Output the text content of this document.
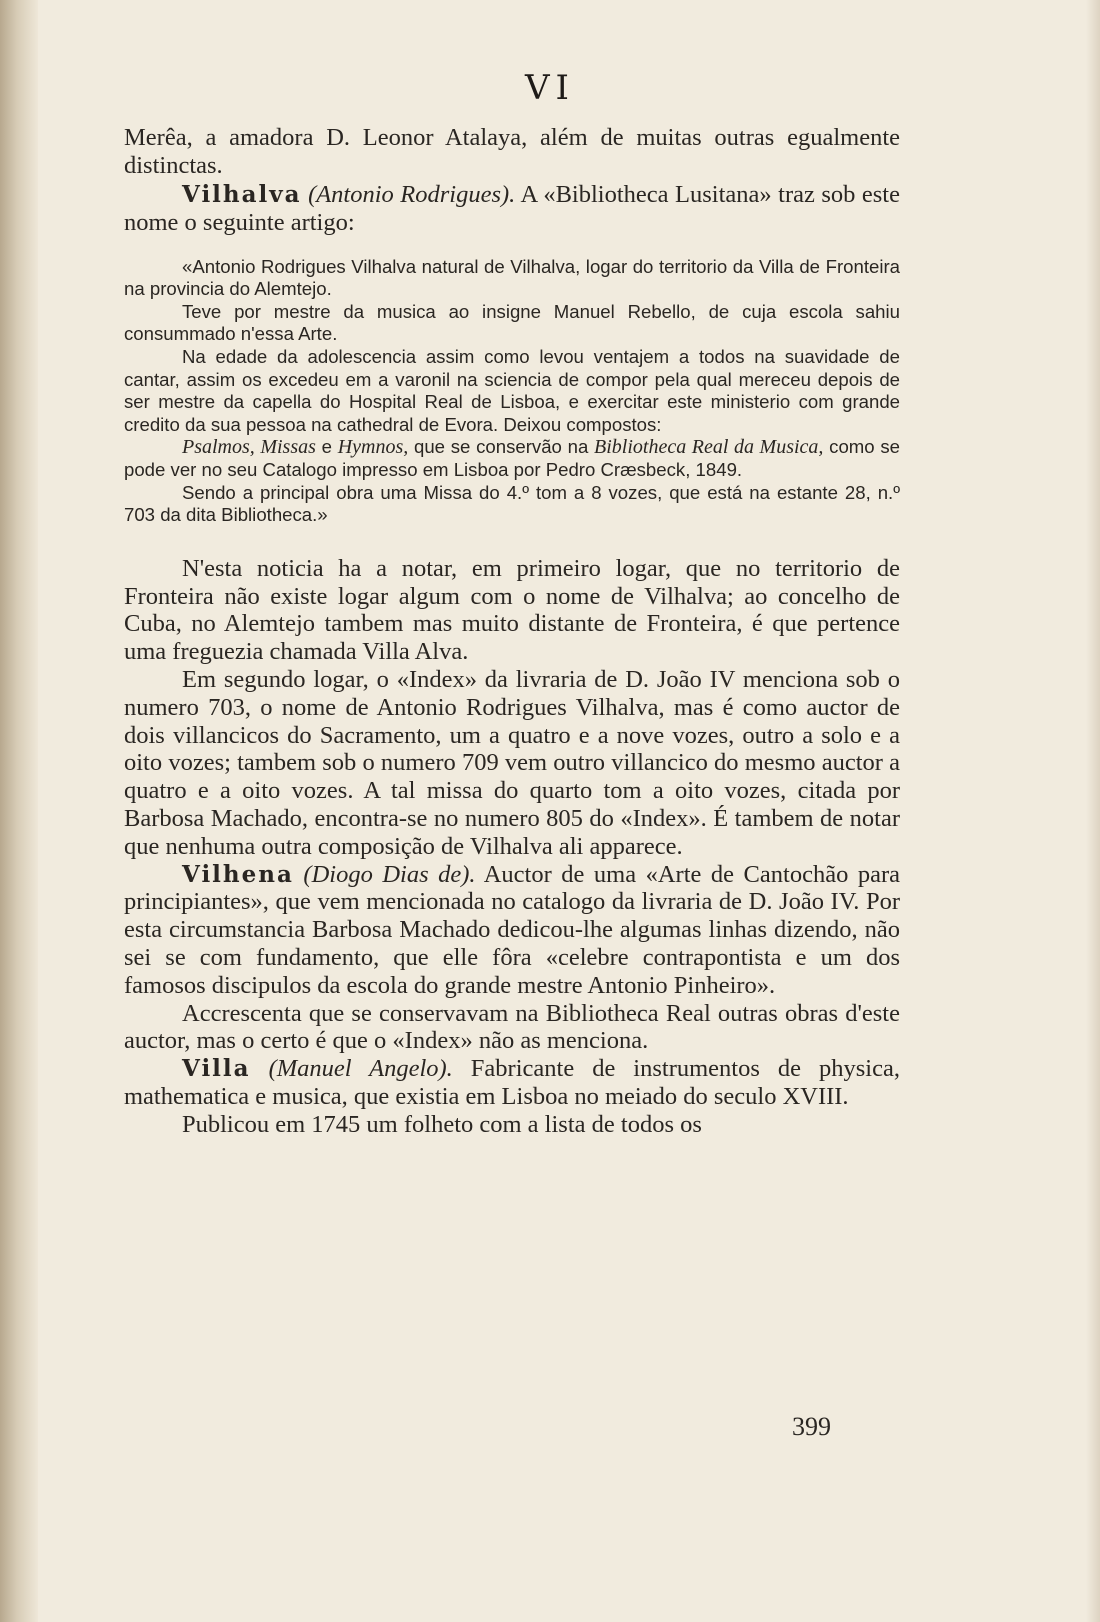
VI

Merêa, a amadora D. Leonor Atalaya, além de muitas outras egualmente distinctas.

Vilhalva (Antonio Rodrigues). A «Bibliotheca Lusitana» traz sob este nome o seguinte artigo:

«Antonio Rodrigues Vilhalva natural de Vilhalva, logar do territorio da Villa de Fronteira na provincia do Alemtejo.

Teve por mestre da musica ao insigne Manuel Rebello, de cuja escola sahiu consummado n'essa Arte.

Na edade da adolescencia assim como levou ventajem a todos na suavidade de cantar, assim os excedeu em a varonil na sciencia de compor pela qual mereceu depois de ser mestre da capella do Hospital Real de Lisboa, e exercitar este ministerio com grande credito da sua pessoa na cathedral de Evora. Deixou compostos:

Psalmos, Missas e Hymnos, que se conservão na Bibliotheca Real da Musica, como se pode ver no seu Catalogo impresso em Lisboa por Pedro Cræsbeck, 1849.

Sendo a principal obra uma Missa do 4.º tom a 8 vozes, que está na estante 28, n.º 703 da dita Bibliotheca.»

N'esta noticia ha a notar, em primeiro logar, que no territorio de Fronteira não existe logar algum com o nome de Vilhalva; ao concelho de Cuba, no Alemtejo tambem mas muito distante de Fronteira, é que pertence uma freguezia chamada Villa Alva.

Em segundo logar, o «Index» da livraria de D. João IV menciona sob o numero 703, o nome de Antonio Rodrigues Vilhalva, mas é como auctor de dois villancicos do Sacramento, um a quatro e a nove vozes, outro a solo e a oito vozes; tambem sob o numero 709 vem outro villancico do mesmo auctor a quatro e a oito vozes. A tal missa do quarto tom a oito vozes, citada por Barbosa Machado, encontra-se no numero 805 do «Index». É tambem de notar que nenhuma outra composição de Vilhalva ali apparece.

Vilhena (Diogo Dias de). Auctor de uma «Arte de Cantochão para principiantes», que vem mencionada no catalogo da livraria de D. João IV. Por esta circumstancia Barbosa Machado dedicou-lhe algumas linhas dizendo, não sei se com fundamento, que elle fôra «celebre contrapontista e um dos famosos discipulos da escola do grande mestre Antonio Pinheiro».

Accrescenta que se conservavam na Bibliotheca Real outras obras d'este auctor, mas o certo é que o «Index» não as menciona.

Villa (Manuel Angelo). Fabricante de instrumentos de physica, mathematica e musica, que existia em Lisboa no meiado do seculo XVIII.

Publicou em 1745 um folheto com a lista de todos os

399
